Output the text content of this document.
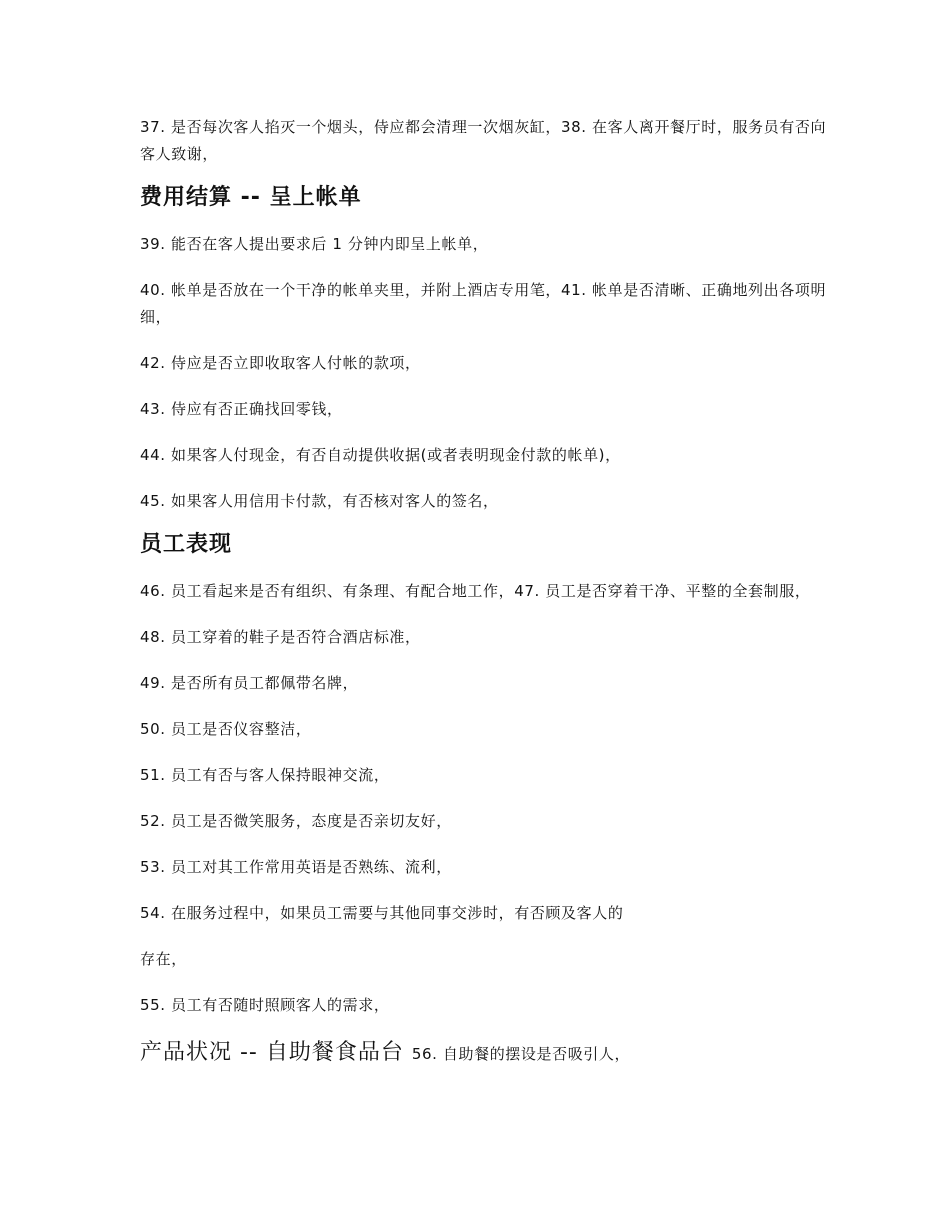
37. 是否每次客人掐灭一个烟头，侍应都会清理一次烟灰缸，38. 在客人离开餐厅时，服务员有否向客人致谢，

费用结算 -- 呈上帐单

39. 能否在客人提出要求后 1 分钟内即呈上帐单，

40. 帐单是否放在一个干净的帐单夹里，并附上酒店专用笔，41. 帐单是否清晰、正确地列出各项明细，

42. 侍应是否立即收取客人付帐的款项，

43. 侍应有否正确找回零钱，

44. 如果客人付现金，有否自动提供收据(或者表明现金付款的帐单)，

45. 如果客人用信用卡付款，有否核对客人的签名，

员工表现

46. 员工看起来是否有组织、有条理、有配合地工作，47. 员工是否穿着干净、平整的全套制服，

48. 员工穿着的鞋子是否符合酒店标准，

49. 是否所有员工都佩带名牌，

50. 员工是否仪容整洁，

51. 员工有否与客人保持眼神交流，

52. 员工是否微笑服务，态度是否亲切友好，

53. 员工对其工作常用英语是否熟练、流利，

54. 在服务过程中，如果员工需要与其他同事交涉时，有否顾及客人的

存在，

55. 员工有否随时照顾客人的需求，

产品状况 -- 自助餐食品台 56. 自助餐的摆设是否吸引人，
